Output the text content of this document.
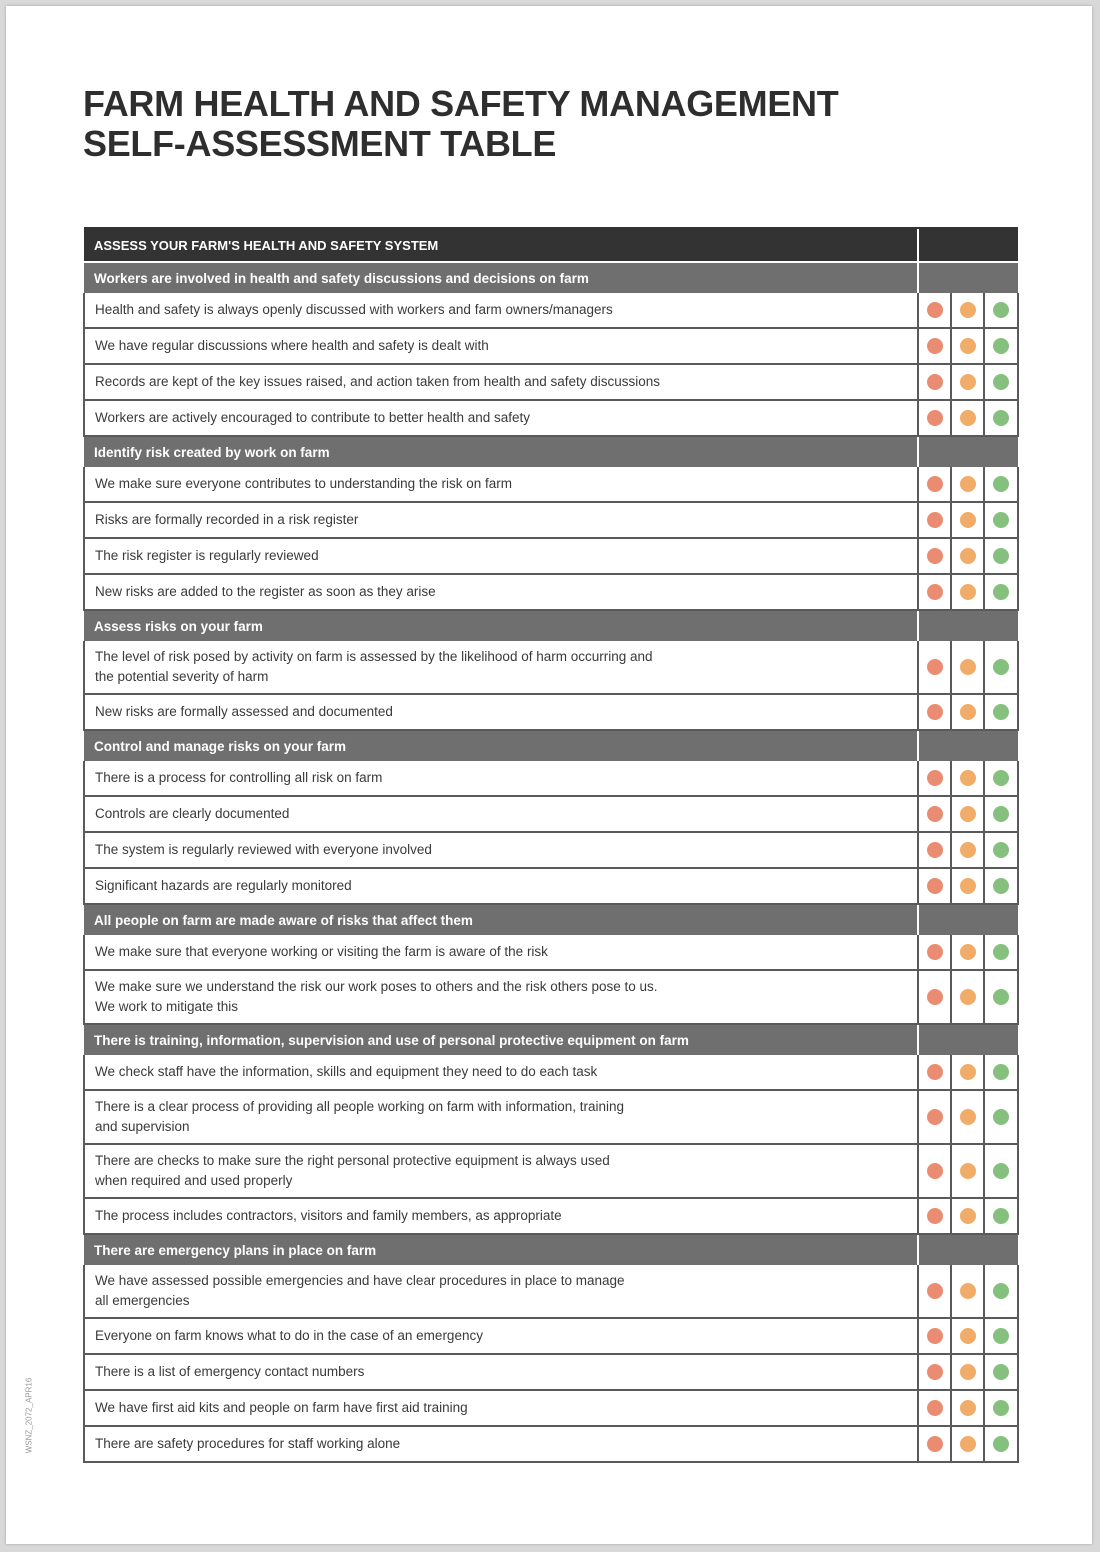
FARM HEALTH AND SAFETY MANAGEMENT
SELF-ASSESSMENT TABLE
ASSESS YOUR FARM'S HEALTH AND SAFETY SYSTEM			
Workers are involved in health and safety discussions and decisions on farm			

Health and safety is always openly discussed with workers and farm owners/managers			

We have regular discussions where health and safety is dealt with			

Records are kept of the key issues raised, and action taken from health and safety discussions			

Workers are actively encouraged to contribute to better health and safety			

Identify risk created by work on farm			

We make sure everyone contributes to understanding the risk on farm			

Risks are formally recorded in a risk register			

The risk register is regularly reviewed			

New risks are added to the register as soon as they arise			

Assess risks on your farm			

The level of risk posed by activity on farm is assessed by the likelihood of harm occurring and
the potential severity of harm			

New risks are formally assessed and documented			

Control and manage risks on your farm			

There is a process for controlling all risk on farm			

Controls are clearly documented			

The system is regularly reviewed with everyone involved			

Significant hazards are regularly monitored			

All people on farm are made aware of risks that affect them			

We make sure that everyone working or visiting the farm is aware of the risk			

We make sure we understand the risk our work poses to others and the risk others pose to us.
We work to mitigate this			

There is training, information, supervision and use of personal protective equipment on farm			

We check staff have the information, skills and equipment they need to do each task			

There is a clear process of providing all people working on farm with information, training
and supervision			

There are checks to make sure the right personal protective equipment is always used
when required and used properly			

The process includes contractors, visitors and family members, as appropriate			

There are emergency plans in place on farm			

We have assessed possible emergencies and have clear procedures in place to manage
all emergencies			

Everyone on farm knows what to do in the case of an emergency			

There is a list of emergency contact numbers			

We have first aid kits and people on farm have first aid training			

There are safety procedures for staff working alone			

WSNZ_2072_APR16
